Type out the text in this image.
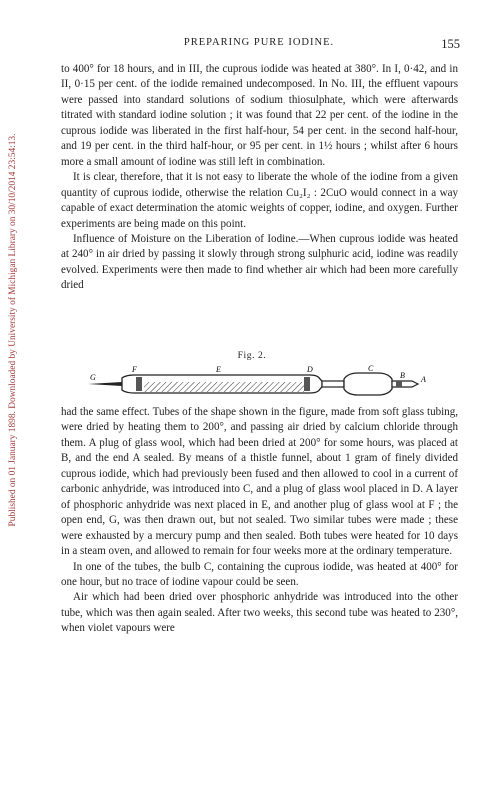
Published on 01 January 1898. Downloaded by University of Michigan Library on 30/10/2014 23:54:13.
PREPARING PURE IODINE.	155

to 400° for 18 hours, and in III, the cuprous iodide was heated at 380°. In I, 0·42, and in II, 0·15 per cent. of the iodide remained undecomposed. In No. III, the effluent vapours were passed into standard solutions of sodium thiosulphate, which were afterwards titrated with standard iodine solution ; it was found that 22 per cent. of the iodine in the cuprous iodide was liberated in the first half-hour, 54 per cent. in the second half-hour, and 19 per cent. in the third half-hour, or 95 per cent. in 1½ hours ; whilst after 6 hours more a small amount of iodine was still left in combination.

It is clear, therefore, that it is not easy to liberate the whole of the iodine from a given quantity of cuprous iodide, otherwise the relation Cu₂I₂ : 2CuO would connect in a way capable of exact determination the atomic weights of copper, iodine, and oxygen. Further experiments are being made on this point.

Influence of Moisture on the Liberation of Iodine.—When cuprous iodide was heated at 240° in air dried by passing it slowly through strong sulphuric acid, iodine was readily evolved. Experiments were then made to find whether air which had been more carefully dried

Fig. 2.
G
F	E	D	C
B A

had the same effect. Tubes of the shape shown in the figure, made from soft glass tubing, were dried by heating them to 200°, and passing air dried by calcium chloride through them. A plug of glass wool, which had been dried at 200° for some hours, was placed at B, and the end A sealed. By means of a thistle funnel, about 1 gram of finely divided cuprous iodide, which had previously been fused and then allowed to cool in a current of carbonic anhydride, was introduced into C, and a plug of glass wool placed in D. A layer of phosphoric anhydride was next placed in E, and another plug of glass wool at F ; the open end, G, was then drawn out, but not sealed. Two similar tubes were made ; these were exhausted by a mercury pump and then sealed. Both tubes were heated for 10 days in a steam oven, and allowed to remain for four weeks more at the ordinary temperature.

In one of the tubes, the bulb C, containing the cuprous iodide, was heated at 400° for one hour, but no trace of iodine vapour could be seen.

Air which had been dried over phosphoric anhydride was introduced into the other tube, which was then again sealed. After two weeks, this second tube was heated to 230°, when violet vapours were
